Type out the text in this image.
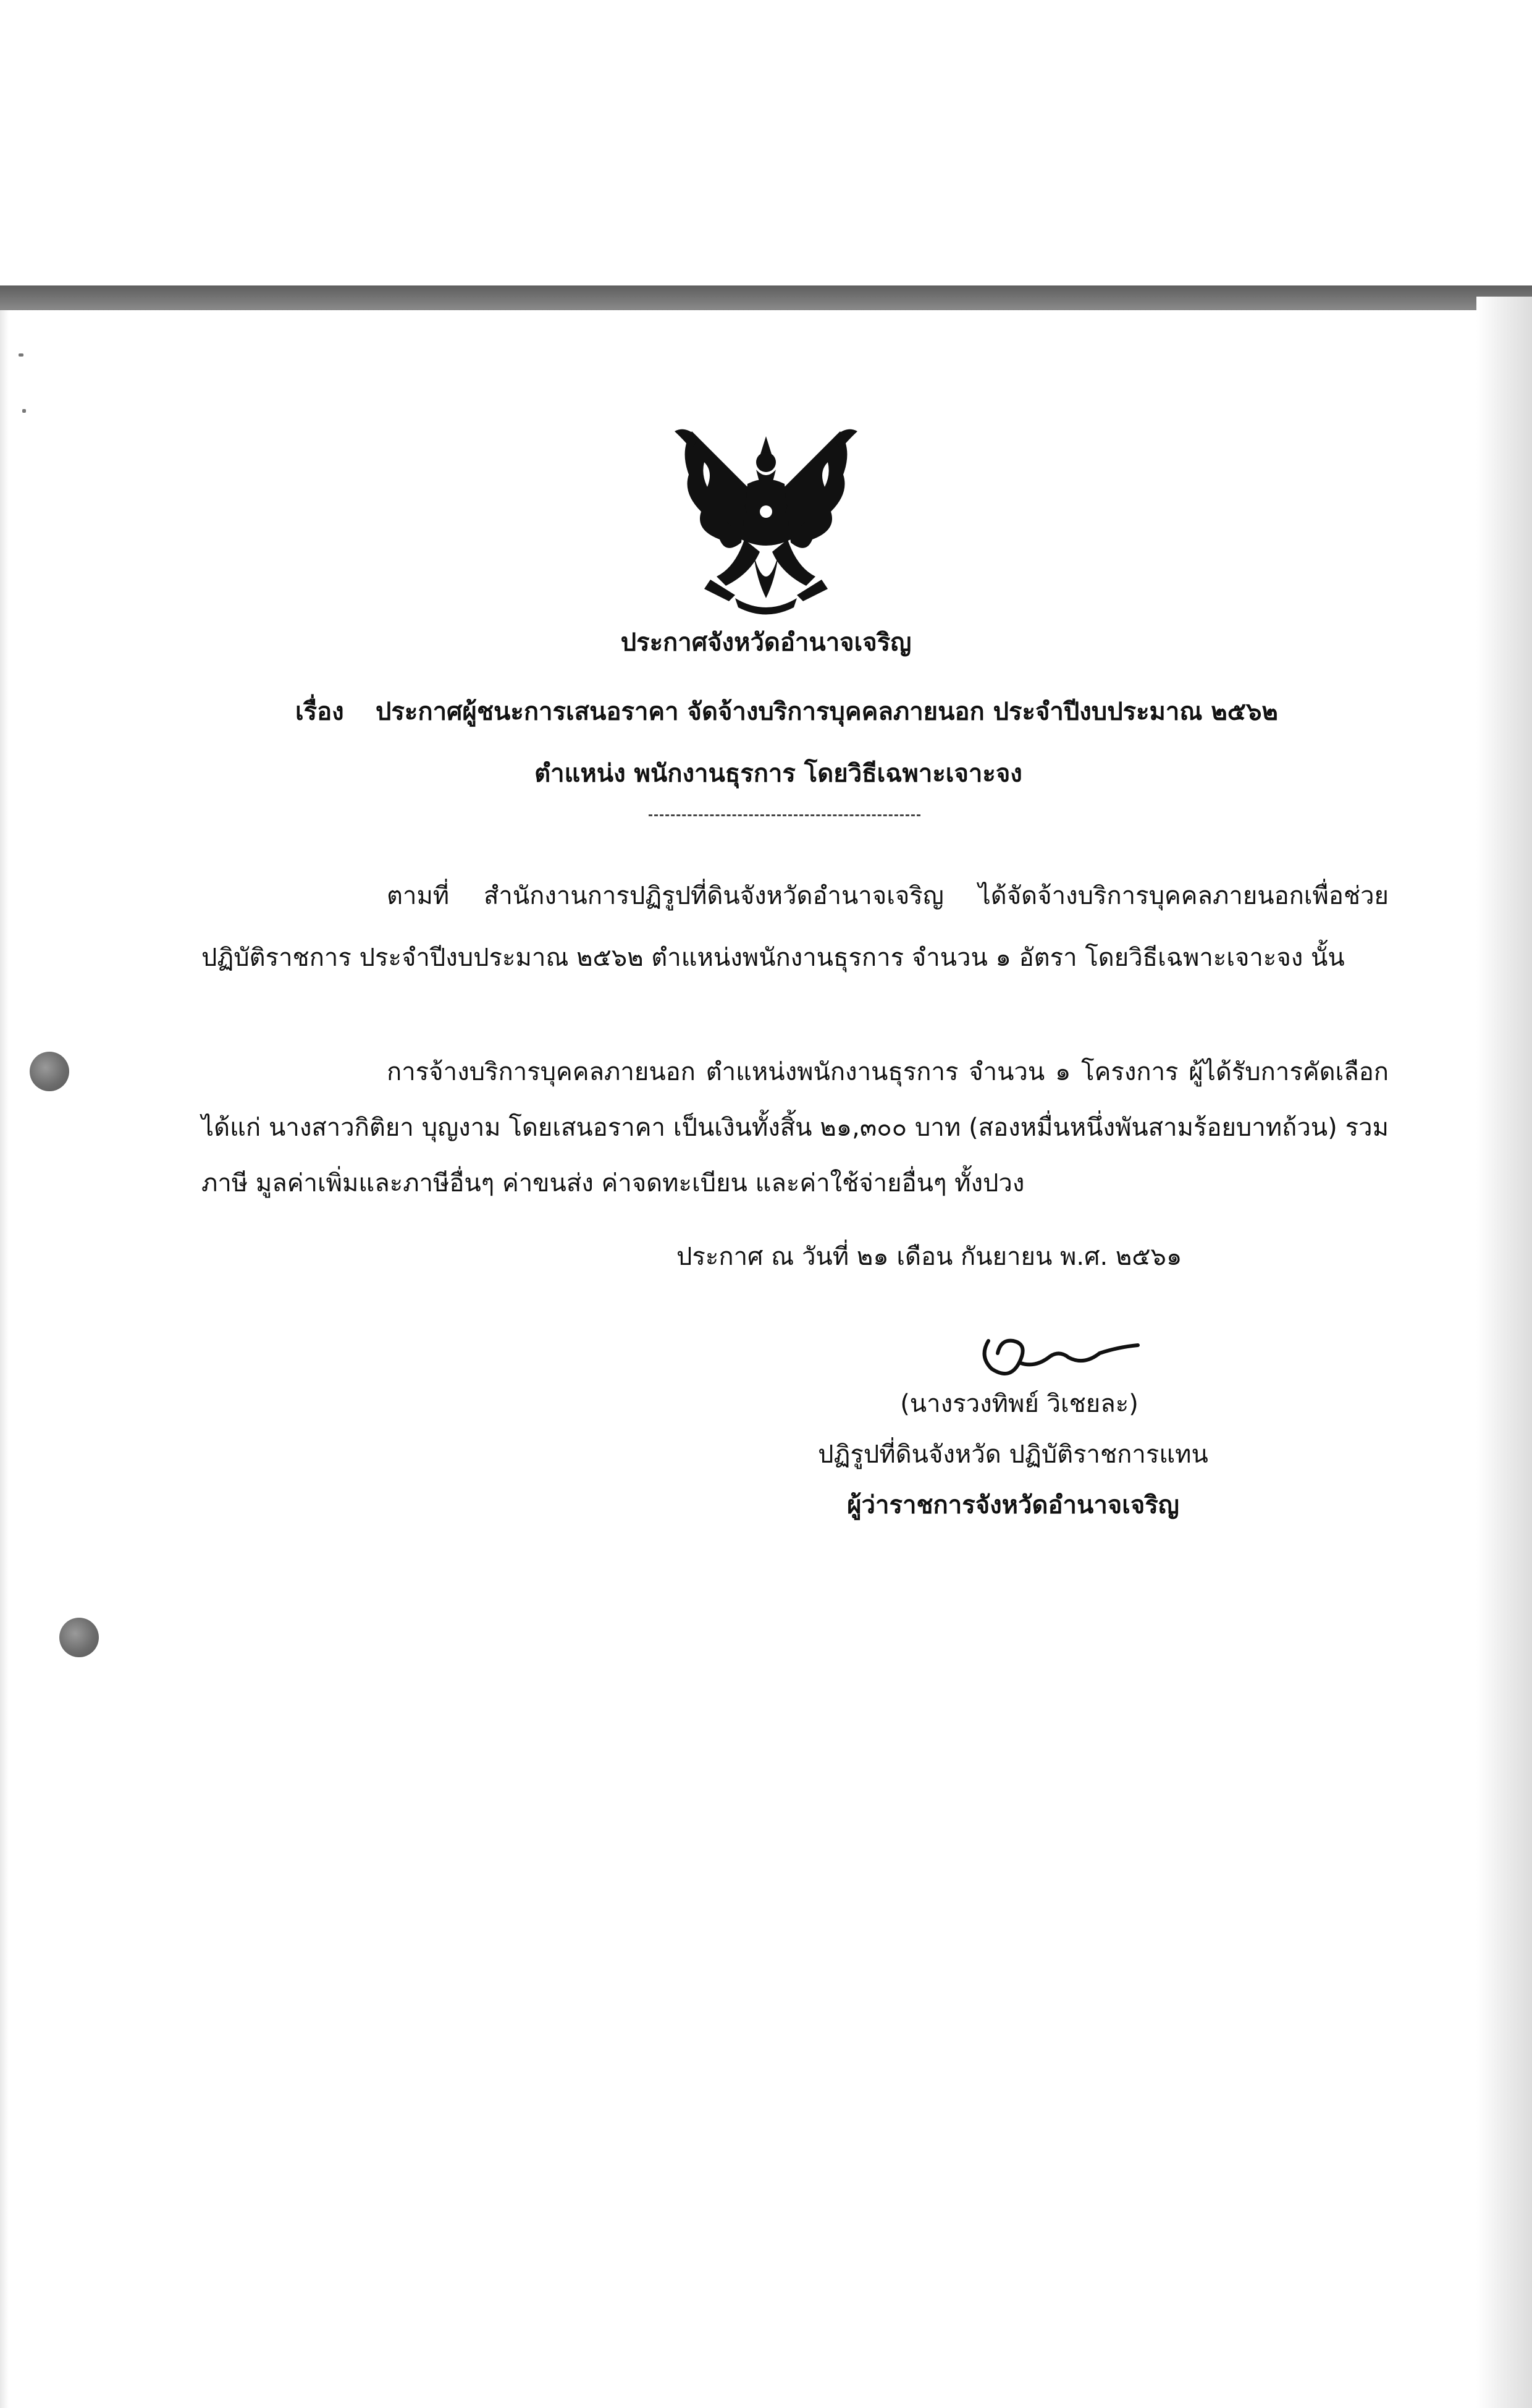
ประกาศจังหวัดอำนาจเจริญ

เรื่อง ประกาศผู้ชนะการเสนอราคา จัดจ้างบริการบุคคลภายนอก ประจำปีงบประมาณ ๒๕๖๒

ตำแหน่ง พนักงานธุรการ โดยวิธีเฉพาะเจาะจง

ตามที่ สำนักงานการปฏิรูปที่ดินจังหวัดอำนาจเจริญ ได้จัดจ้างบริการบุคคลภายนอกเพื่อช่วยปฏิบัติราชการ ประจำปีงบประมาณ ๒๕๖๒ ตำแหน่งพนักงานธุรการ จำนวน ๑ อัตรา โดยวิธีเฉพาะเจาะจง นั้น

การจ้างบริการบุคคลภายนอก ตำแหน่งพนักงานธุรการ จำนวน ๑ โครงการ ผู้ได้รับการคัดเลือก ได้แก่ นางสาวกิติยา บุญงาม โดยเสนอราคา เป็นเงินทั้งสิ้น ๒๑,๓๐๐ บาท (สองหมื่นหนึ่งพันสามร้อยบาทถ้วน) รวมภาษี มูลค่าเพิ่มและภาษีอื่นๆ ค่าขนส่ง ค่าจดทะเบียน และค่าใช้จ่ายอื่นๆ ทั้งปวง

ประกาศ ณ วันที่ ๒๑ เดือน กันยายน พ.ศ. ๒๕๖๑

(นางรวงทิพย์ วิเชยละ)

ปฏิรูปที่ดินจังหวัด ปฏิบัติราชการแทน

ผู้ว่าราชการจังหวัดอำนาจเจริญ
